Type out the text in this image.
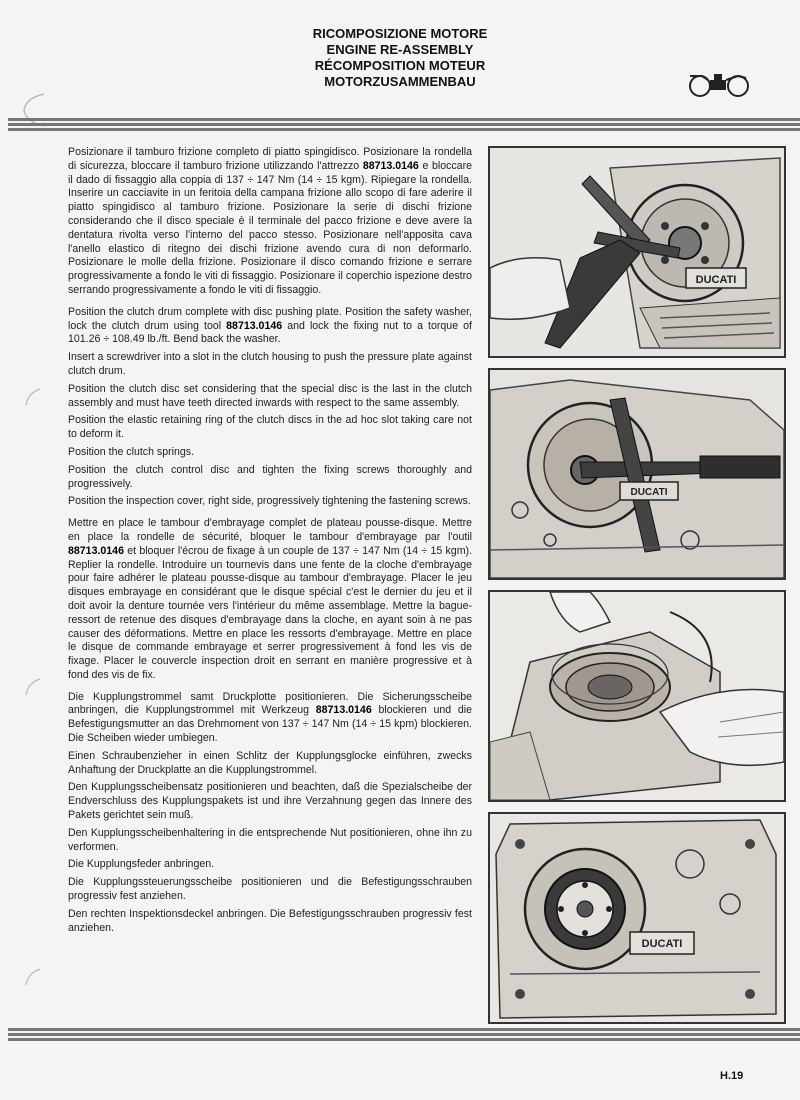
RICOMPOSIZIONE MOTORE
ENGINE RE-ASSEMBLY
RÉCOMPOSITION MOTEUR
MOTORZUSAMMENBAU

Posizionare il tamburo frizione completo di piatto spingidisco. Posizionare la rondella di sicurezza, bloccare il tamburo frizione utilizzando l'attrezzo 88713.0146 e bloccare il dado di fissaggio alla coppia di 137 ÷ 147 Nm (14 ÷ 15 kgm). Ripiegare la rondella. Inserire un cacciavite in un feritoia della campana frizione allo scopo di fare aderire il piatto spingidisco al tamburo frizione. Posizionare la serie di dischi frizione considerando che il disco speciale è il terminale del pacco frizione e deve avere la dentatura rivolta verso l'interno del pacco stesso. Posizionare nell'apposita cava l'anello elastico di ritegno dei dischi frizione avendo cura di non deformarlo. Posizionare le molle della frizione. Posizionare il disco comando frizione e serrare progressivamente a fondo le viti di fissaggio. Posizionare il coperchio ispezione destro serrando progressivamente a fondo le viti di fissaggio.

Position the clutch drum complete with disc pushing plate. Position the safety washer, lock the clutch drum using tool 88713.0146 and lock the fixing nut to a torque of 101.26 ÷ 108.49 lb./ft. Bend back the washer.

Insert a screwdriver into a slot in the clutch housing to push the pressure plate against clutch drum.

Position the clutch disc set considering that the special disc is the last in the clutch assembly and must have teeth directed inwards with respect to the same assembly.

Position the elastic retaining ring of the clutch discs in the ad hoc slot taking care not to deform it.

Position the clutch springs.

Position the clutch control disc and tighten the fixing screws thoroughly and progressively.

Position the inspection cover, right side, progressively tightening the fastening screws.

Mettre en place le tambour d'embrayage complet de plateau pousse-disque. Mettre en place la rondelle de sécurité, bloquer le tambour d'embrayage par l'outil 88713.0146 et bloquer l'écrou de fixage à un couple de 137 ÷ 147 Nm (14 ÷ 15 kgm). Replier la rondelle. Introduire un tournevis dans une fente de la cloche d'embrayage pour faire adhérer le plateau pousse-disque au tambour d'embrayage. Placer le jeu disques embrayage en considérant que le disque spécial c'est le dernier du jeu et il doit avoir la denture tournée vers l'intérieur du même assemblage. Mettre la bague-ressort de retenue des disques d'embrayage dans la cloche, en ayant soin à ne pas causer des déformations. Mettre en place les ressorts d'embrayage. Mettre en place le disque de commande embrayage et serrer progressivement à fond les vis de fixage. Placer le couvercle inspection droit en serrant en manière progressive et à fond des vis de fix.

Die Kupplungstrommel samt Druckplotte positionieren. Die Sicherungsscheibe anbringen, die Kupplungstrommel mit Werkzeug 88713.0146 blockieren und die Befestigungsmutter an das Drehmoment von 137 ÷ 147 Nm (14 ÷ 15 kpm) blockieren. Die Scheiben wieder umbiegen.

Einen Schraubenzieher in einen Schlitz der Kupplungsglocke einführen, zwecks Anhaftung der Druckplatte an die Kupplungstrommel.

Den Kupplungsscheibensatz positionieren und beachten, daß die Spezialscheibe der Endverschluss des Kupplungspakets ist und ihre Verzahnung gegen das Innere des Pakets gerichtet sein muß.

Den Kupplungsscheibenhaltering in die entsprechende Nut positionieren, ohne ihn zu verformen.

Die Kupplungsfeder anbringen.

Die Kupplungssteuerungsscheibe positionieren und die Befestigungsschrauben progressiv fest anziehen.

Den rechten Inspektionsdeckel anbringen. Die Befestigungsschrauben progressiv fest anziehen.

DUCATI
DUCATI
DUCATI
H.19
